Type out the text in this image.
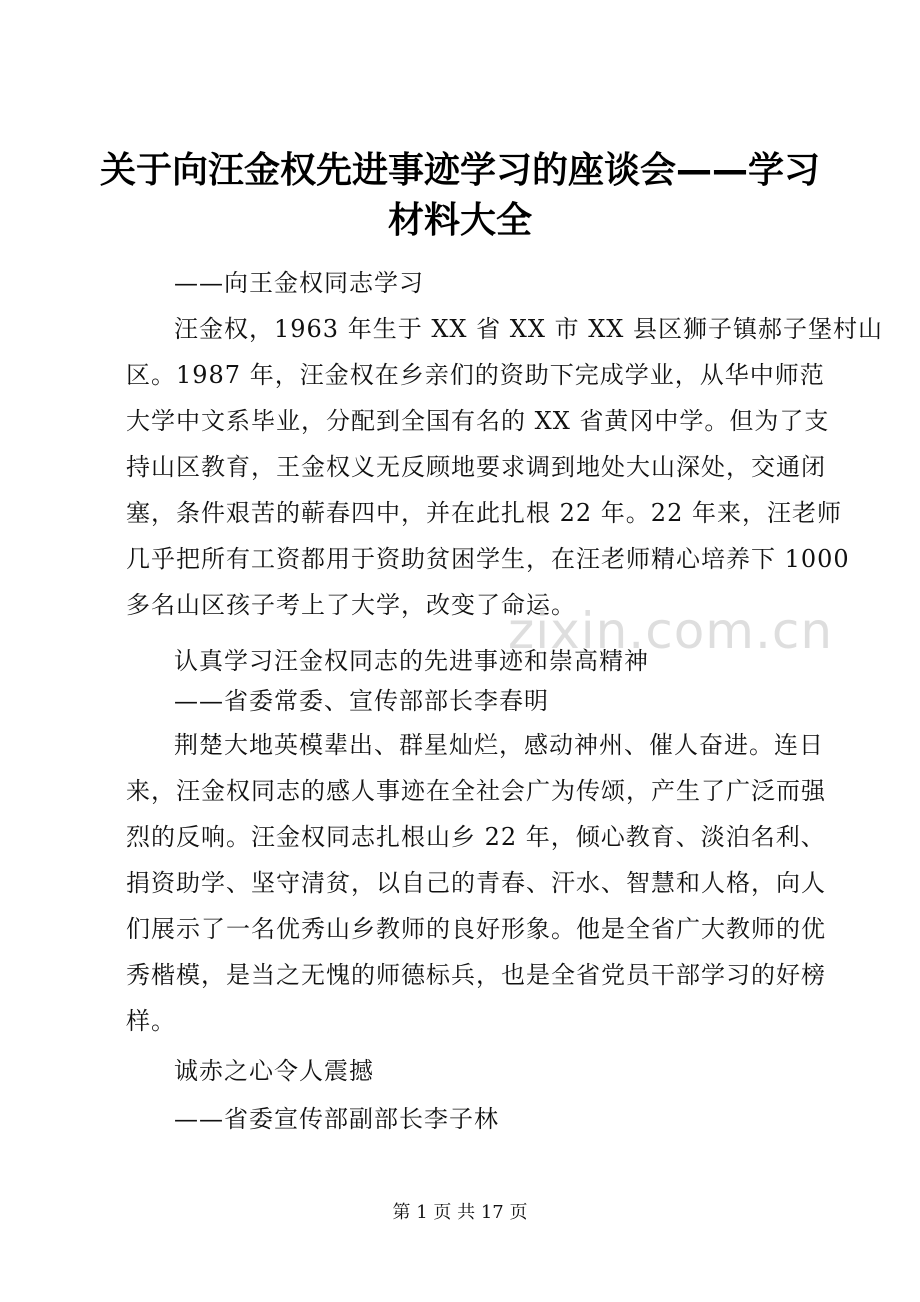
关于向汪金权先进事迹学习的座谈会——学习
材料大全
——向王金权同志学习
汪金权，1963 年生于 XX 省 XX 市 XX 县区狮子镇郝子堡村山
区。1987 年，汪金权在乡亲们的资助下完成学业，从华中师范
大学中文系毕业，分配到全国有名的 XX 省黄冈中学。但为了支
持山区教育，王金权义无反顾地要求调到地处大山深处，交通闭
塞，条件艰苦的蕲春四中，并在此扎根 22 年。22 年来，汪老师
几乎把所有工资都用于资助贫困学生，在汪老师精心培养下 1000
多名山区孩子考上了大学，改变了命运。
zixin.com.cn
认真学习汪金权同志的先进事迹和崇高精神
——省委常委、宣传部部长李春明
荆楚大地英模辈出、群星灿烂，感动神州、催人奋进。连日
来，汪金权同志的感人事迹在全社会广为传颂，产生了广泛而强
烈的反响。汪金权同志扎根山乡 22 年，倾心教育、淡泊名利、
捐资助学、坚守清贫，以自己的青春、汗水、智慧和人格，向人
们展示了一名优秀山乡教师的良好形象。他是全省广大教师的优
秀楷模，是当之无愧的师德标兵，也是全省党员干部学习的好榜
样。
诚赤之心令人震撼
——省委宣传部副部长李子林
第 1 页 共 17 页
